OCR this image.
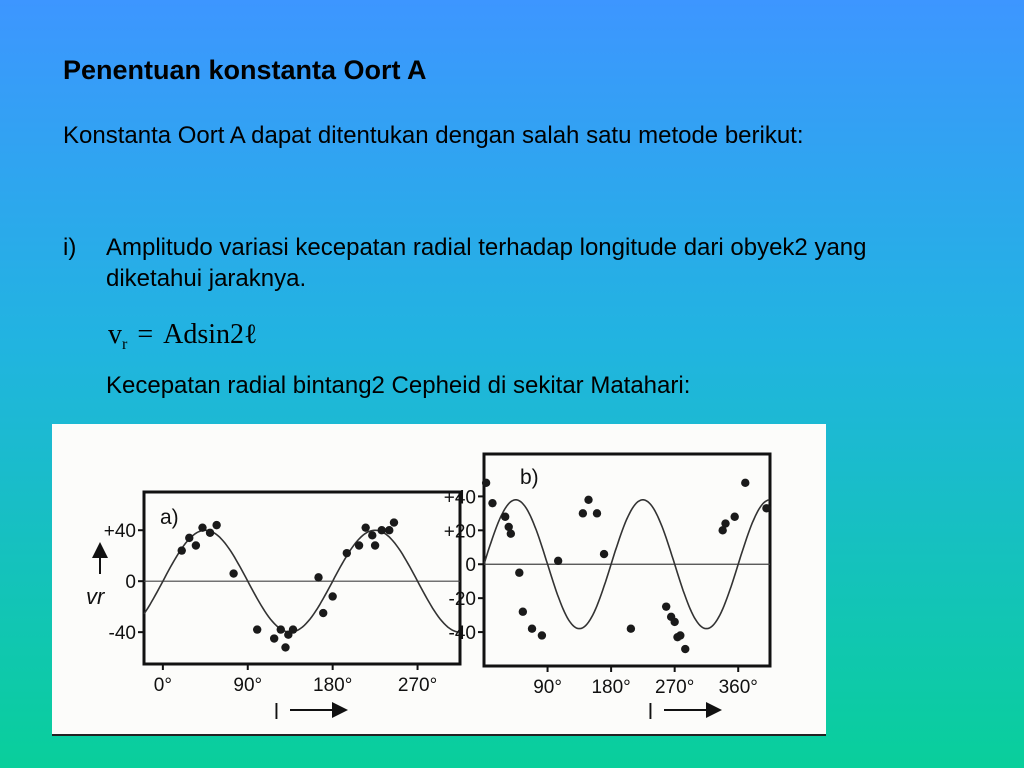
Penentuan konstanta Oort A

Konstanta Oort A dapat ditentukan dengan salah satu metode berikut:

i)	Amplitudo variasi kecepatan radial terhadap longitude dari obyek2 yang diketahui jaraknya.
$v_r$ = Adsin2ℓ

Kecepatan radial bintang2 Cepheid di sekitar Matahari:

vr
l	l
+40
0
-40
0°	90°	180° 270°
a)
+40
+20
0
-20
-40
90° 180° 270° 360°
b)
